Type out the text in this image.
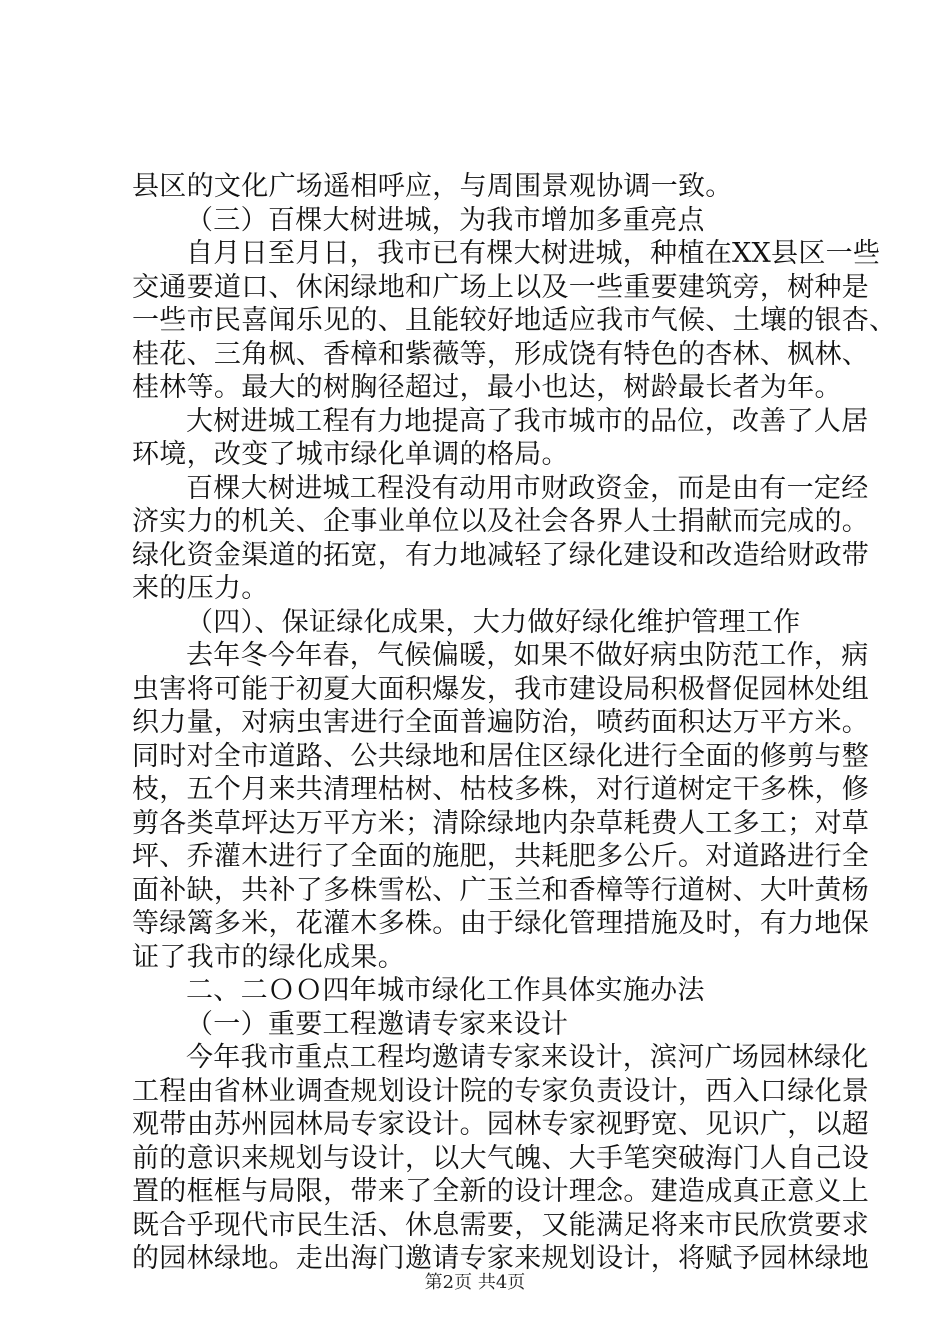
县区的文化广场遥相呼应，与周围景观协调一致。
（三）百棵大树进城，为我市增加多重亮点
自月日至月日，我市已有棵大树进城，种植在XX县区一些
交通要道口、休闲绿地和广场上以及一些重要建筑旁，树种是
一些市民喜闻乐见的、且能较好地适应我市气候、土壤的银杏、
桂花、三角枫、香樟和紫薇等，形成饶有特色的杏林、枫林、
桂林等。最大的树胸径超过，最小也达，树龄最长者为年。
大树进城工程有力地提高了我市城市的品位，改善了人居
环境，改变了城市绿化单调的格局。
百棵大树进城工程没有动用市财政资金，而是由有一定经
济实力的机关、企事业单位以及社会各界人士捐献而完成的。
绿化资金渠道的拓宽，有力地减轻了绿化建设和改造给财政带
来的压力。
（四）、保证绿化成果，大力做好绿化维护管理工作
去年冬今年春，气候偏暖，如果不做好病虫防范工作，病
虫害将可能于初夏大面积爆发，我市建设局积极督促园林处组
织力量，对病虫害进行全面普遍防治，喷药面积达万平方米。
同时对全市道路、公共绿地和居住区绿化进行全面的修剪与整
枝，五个月来共清理枯树、枯枝多株，对行道树定干多株，修
剪各类草坪达万平方米；清除绿地内杂草耗费人工多工；对草
坪、乔灌木进行了全面的施肥，共耗肥多公斤。对道路进行全
面补缺，共补了多株雪松、广玉兰和香樟等行道树、大叶黄杨
等绿篱多米，花灌木多株。由于绿化管理措施及时，有力地保
证了我市的绿化成果。
二、二ＯＯ四年城市绿化工作具体实施办法
（一）重要工程邀请专家来设计
今年我市重点工程均邀请专家来设计，滨河广场园林绿化
工程由省林业调查规划设计院的专家负责设计，西入口绿化景
观带由苏州园林局专家设计。园林专家视野宽、见识广，以超
前的意识来规划与设计，以大气魄、大手笔突破海门人自己设
置的框框与局限，带来了全新的设计理念。建造成真正意义上
既合乎现代市民生活、休息需要，又能满足将来市民欣赏要求
的园林绿地。走出海门邀请专家来规划设计，将赋予园林绿地
第2页 共4页
